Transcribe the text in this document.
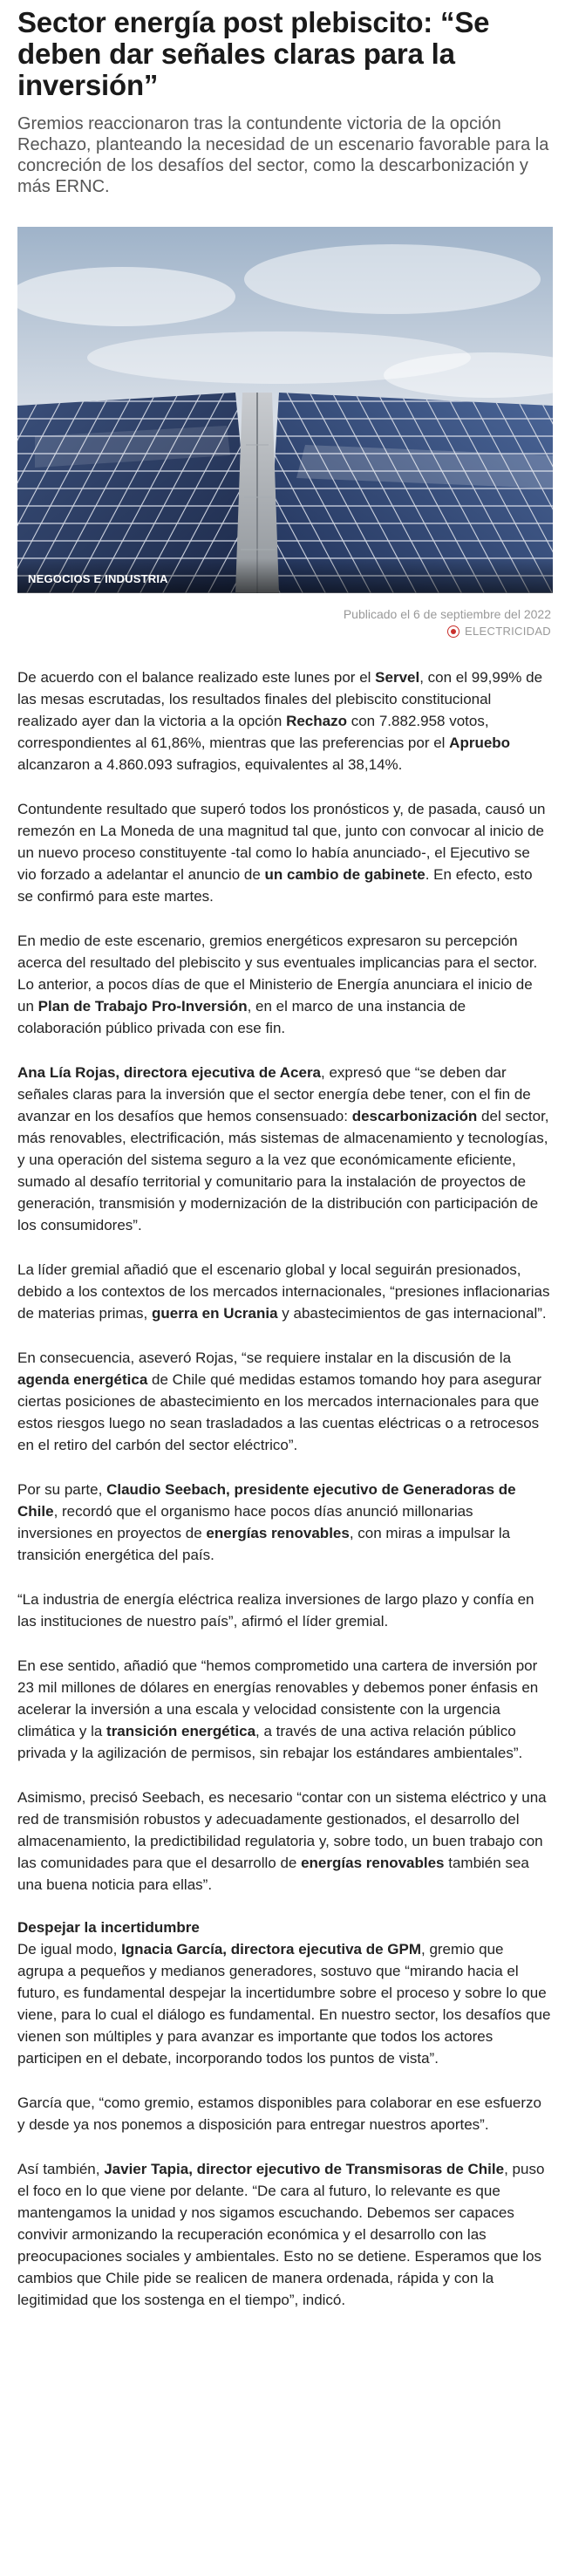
Sector energía post plebiscito: “Se deben dar señales claras para la inversión”

Gremios reaccionaron tras la contundente victoria de la opción Rechazo, planteando la necesidad de un escenario favorable para la concreción de los desafíos del sector, como la descarbonización y más ERNC.

NEGOCIOS E INDUSTRIA
Publicado el 6 de septiembre del 2022
ELECTRICIDAD

De acuerdo con el balance realizado este lunes por el Servel, con el 99,99% de las mesas escrutadas, los resultados finales del plebiscito constitucional realizado ayer dan la victoria a la opción Rechazo con 7.882.958 votos, correspondientes al 61,86%, mientras que las preferencias por el Apruebo alcanzaron a 4.860.093 sufragios, equivalentes al 38,14%.

Contundente resultado que superó todos los pronósticos y, de pasada, causó un remezón en La Moneda de una magnitud tal que, junto con convocar al inicio de un nuevo proceso constituyente -tal como lo había anunciado-, el Ejecutivo se vio forzado a adelantar el anuncio de un cambio de gabinete. En efecto, esto se confirmó para este martes.

En medio de este escenario, gremios energéticos expresaron su percepción acerca del resultado del plebiscito y sus eventuales implicancias para el sector. Lo anterior, a pocos días de que el Ministerio de Energía anunciara el inicio de un Plan de Trabajo Pro-Inversión, en el marco de una instancia de colaboración público privada con ese fin.

Ana Lía Rojas, directora ejecutiva de Acera, expresó que “se deben dar señales claras para la inversión que el sector energía debe tener, con el fin de avanzar en los desafíos que hemos consensuado: descarbonización del sector, más renovables, electrificación, más sistemas de almacenamiento y tecnologías, y una operación del sistema seguro a la vez que económicamente eficiente, sumado al desafío territorial y comunitario para la instalación de proyectos de generación, transmisión y modernización de la distribución con participación de los consumidores”.

La líder gremial añadió que el escenario global y local seguirán presionados, debido a los contextos de los mercados internacionales, “presiones inflacionarias de materias primas, guerra en Ucrania y abastecimientos de gas internacional”.

En consecuencia, aseveró Rojas, “se requiere instalar en la discusión de la agenda energética de Chile qué medidas estamos tomando hoy para asegurar ciertas posiciones de abastecimiento en los mercados internacionales para que estos riesgos luego no sean trasladados a las cuentas eléctricas o a retrocesos en el retiro del carbón del sector eléctrico”.

Por su parte, Claudio Seebach, presidente ejecutivo de Generadoras de Chile, recordó que el organismo hace pocos días anunció millonarias inversiones en proyectos de energías renovables, con miras a impulsar la transición energética del país.

“La industria de energía eléctrica realiza inversiones de largo plazo y confía en las instituciones de nuestro país”, afirmó el líder gremial.

En ese sentido, añadió que “hemos comprometido una cartera de inversión por 23 mil millones de dólares en energías renovables y debemos poner énfasis en acelerar la inversión a una escala y velocidad consistente con la urgencia climática y la transición energética, a través de una activa relación público privada y la agilización de permisos, sin rebajar los estándares ambientales”.

Asimismo, precisó Seebach, es necesario “contar con un sistema eléctrico y una red de transmisión robustos y adecuadamente gestionados, el desarrollo del almacenamiento, la predictibilidad regulatoria y, sobre todo, un buen trabajo con las comunidades para que el desarrollo de energías renovables también sea una buena noticia para ellas”.

Despejar la incertidumbre

De igual modo, Ignacia García, directora ejecutiva de GPM, gremio que agrupa a pequeños y medianos generadores, sostuvo que “mirando hacia el futuro, es fundamental despejar la incertidumbre sobre el proceso y sobre lo que viene, para lo cual el diálogo es fundamental. En nuestro sector, los desafíos que vienen son múltiples y para avanzar es importante que todos los actores participen en el debate, incorporando todos los puntos de vista”.

García que, “como gremio, estamos disponibles para colaborar en ese esfuerzo y desde ya nos ponemos a disposición para entregar nuestros aportes”.

Así también, Javier Tapia, director ejecutivo de Transmisoras de Chile, puso el foco en lo que viene por delante. “De cara al futuro, lo relevante es que mantengamos la unidad y nos sigamos escuchando. Debemos ser capaces convivir armonizando la recuperación económica y el desarrollo con las preocupaciones sociales y ambientales. Esto no se detiene. Esperamos que los cambios que Chile pide se realicen de manera ordenada, rápida y con la legitimidad que los sostenga en el tiempo”, indicó.
